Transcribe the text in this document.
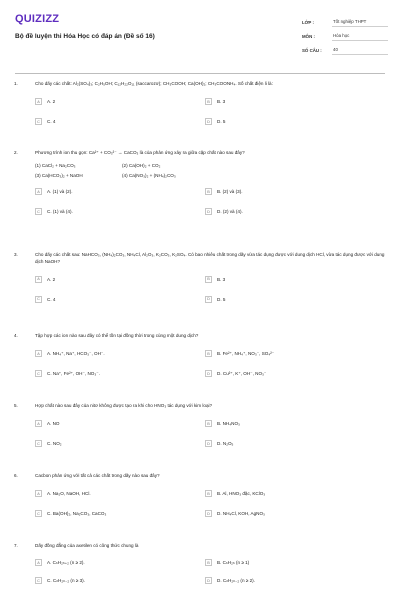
QUIZIZZ
Bộ đề luyện thi Hóa Học có đáp án (Đề số 16)
LỚP :	Tốt nghiệp THPT
MÔN :	Hóa học
SỐ CÂU :	40
1.	Cho dãy các chất: Al₂(SO₄)₃; C₂H₅OH; C₁₂H₂₂O₁₁ (saccarozơ); CH₃COOH; Ca(OH)₂; CH₃COONH₄. Số chất điện li là:
A	A. 2	B	B. 3
C	C. 4	D	D. 5
2.	Phương trình ion thu gọn: Ca²⁺ + CO₃²⁻ → CaCO₃ là của phản ứng xảy ra giữa cặp chất nào sau đây?
(1) CaCl₂ + Na₂CO₃	(2) Ca(OH)₂ + CO₂
(3) Ca(HCO₃)₂ + NaOH	(4) Ca(NO₃)₂ + (NH₄)₂CO₃
A	A. (1) và (2).	B	B. (2) và (3).
C	C. (1) và (4).	D	D. (2) và (4).
3.	Cho dãy các chất sau: NaHCO₃, (NH₄)₂CO₃, NH₄Cl, Al₂O₃, K₂CO₃, K₂SO₄. Có bao nhiêu chất trong dãy vừa tác dụng được với dung dịch HCl, vừa tác dụng được với dung dịch NaOH?
A	A. 2	B	B. 3
C	C. 4	D	D. 5
4.	Tập hợp các ion nào sau đây có thể tồn tại đồng thời trong cùng một dung dịch?
A	A. NH₄⁺, Na⁺, HCO₃⁻, OH⁻.	B	B. Fe²⁺, NH₄⁺, NO₃⁻, SO₄²⁻
C	C. Na⁺, Fe²⁺, OH⁻, NO₃⁻.	D	D. Cu²⁺, K⁺, OH⁻, NO₃⁻
5.	Hợp chất nào sau đây của nitơ không được tạo ra khi cho HNO₃ tác dụng với kim loại?
A	A. NO	B	B. NH₄NO₃
C	C. NO₂	D	D. N₂O₅
6.	Cacbon phản ứng với tất cả các chất trong dãy nào sau đây?
A	A. Na₂O, NaOH, HCl.	B	B. Al, HNO₃ đặc, KClO₃
C	C. Ba(OH)₂, Na₂CO₃, CaCO₃	D	D. NH₄Cl, KOH, AgNO₃
7.	Dãy đồng đẳng của axetilen có công thức chung là
A	A. CₙH₂ₙ₊₂ (n ≥ 2).	B	B. CₙH₂ₙ (n ≥ 1)
C	C. CₙH₂ₙ₋₂ (n ≥ 3).	D	D. CₙH₂ₙ₋₂ (n ≥ 2).
